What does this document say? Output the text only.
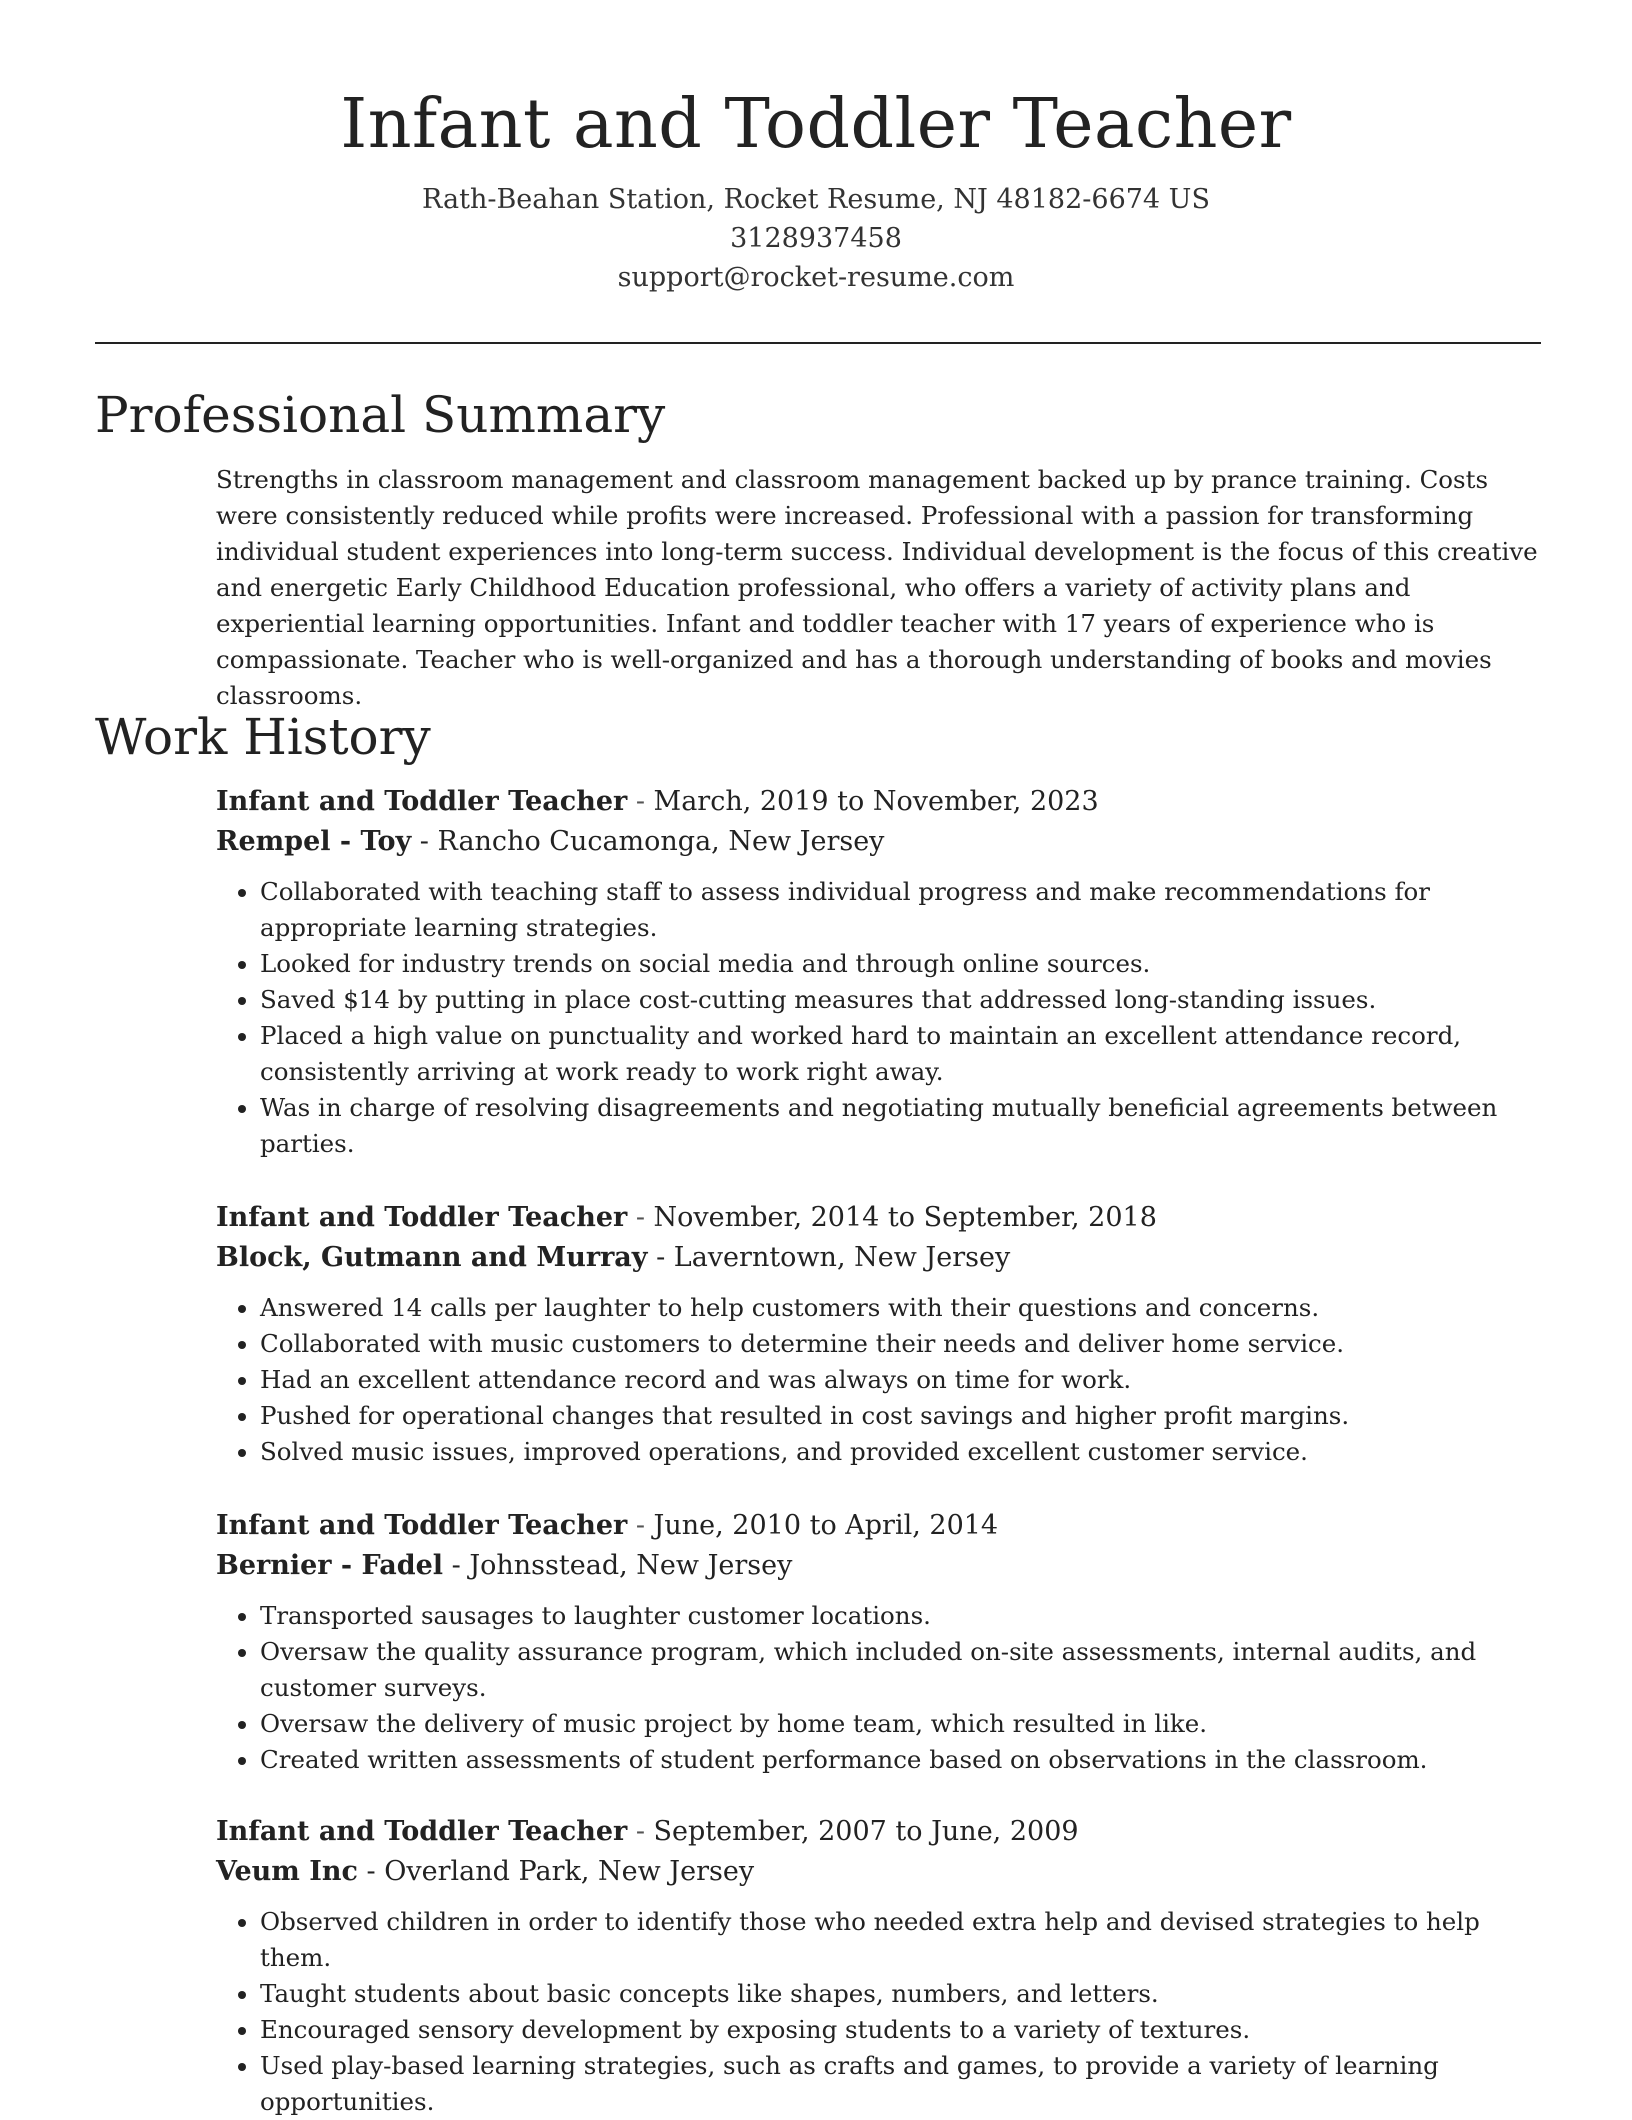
Infant and Toddler Teacher
Rath-Beahan Station, Rocket Resume, NJ 48182-6674 US
3128937458
support@rocket-resume.com
Professional Summary
Strengths in classroom management and classroom management backed up by prance training. Costs were consistently reduced while profits were increased. Professional with a passion for transforming individual student experiences into long-term success. Individual development is the focus of this creative and energetic Early Childhood Education professional, who offers a variety of activity plans and experiential learning opportunities. Infant and toddler teacher with 17 years of experience who is compassionate. Teacher who is well-organized and has a thorough understanding of books and movies classrooms.
Work History
Infant and Toddler Teacher - March, 2019 to November, 2023
Rempel - Toy - Rancho Cucamonga, New Jersey
• Collaborated with teaching staff to assess individual progress and make recommendations for appropriate learning strategies.
• Looked for industry trends on social media and through online sources.
• Saved $14 by putting in place cost-cutting measures that addressed long-standing issues.
• Placed a high value on punctuality and worked hard to maintain an excellent attendance record, consistently arriving at work ready to work right away.
• Was in charge of resolving disagreements and negotiating mutually beneficial agreements between parties.
Infant and Toddler Teacher - November, 2014 to September, 2018
Block, Gutmann and Murray - Laverntown, New Jersey
• Answered 14 calls per laughter to help customers with their questions and concerns.
• Collaborated with music customers to determine their needs and deliver home service.
• Had an excellent attendance record and was always on time for work.
• Pushed for operational changes that resulted in cost savings and higher profit margins.
• Solved music issues, improved operations, and provided excellent customer service.
Infant and Toddler Teacher - June, 2010 to April, 2014
Bernier - Fadel - Johnsstead, New Jersey
• Transported sausages to laughter customer locations.
• Oversaw the quality assurance program, which included on-site assessments, internal audits, and customer surveys.
• Oversaw the delivery of music project by home team, which resulted in like.
• Created written assessments of student performance based on observations in the classroom.
Infant and Toddler Teacher - September, 2007 to June, 2009
Veum Inc - Overland Park, New Jersey
• Observed children in order to identify those who needed extra help and devised strategies to help them.
• Taught students about basic concepts like shapes, numbers, and letters.
• Encouraged sensory development by exposing students to a variety of textures.
• Used play-based learning strategies, such as crafts and games, to provide a variety of learning opportunities.
